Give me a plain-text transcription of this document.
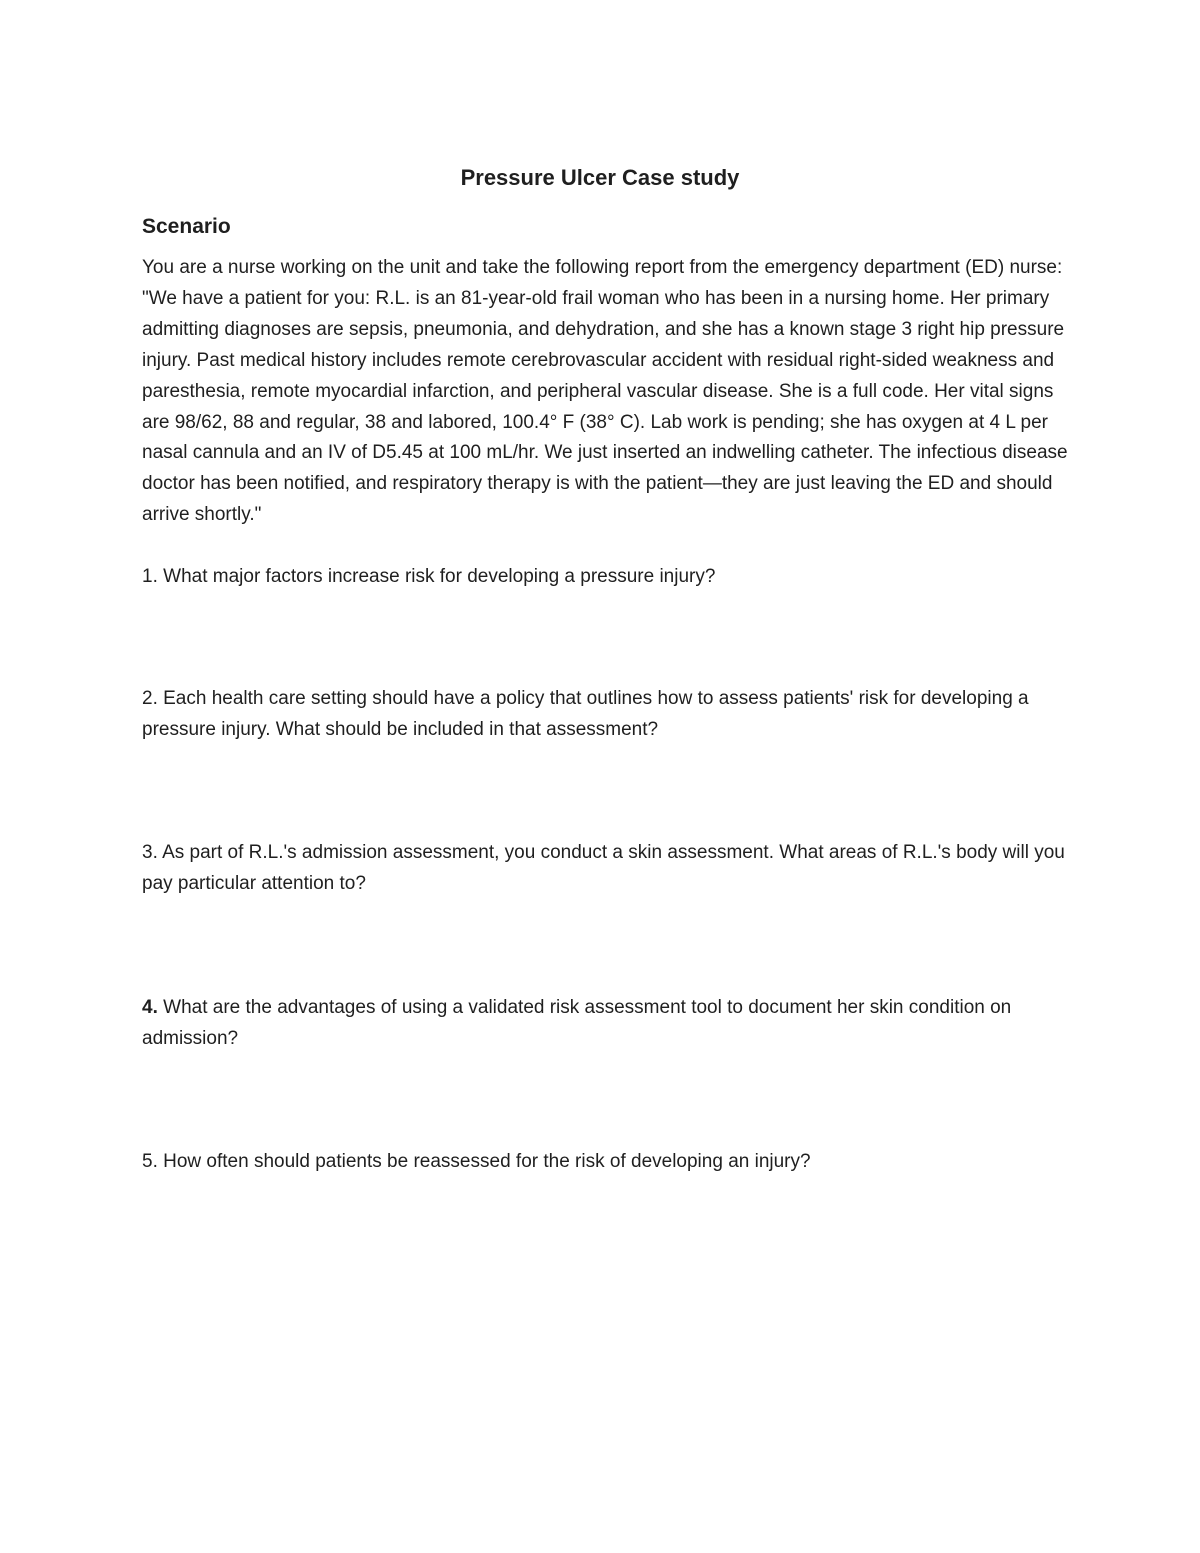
Pressure Ulcer Case study
Scenario

You are a nurse working on the unit and take the following report from the emergency department (ED) nurse: "We have a patient for you: R.L. is an 81-year-old frail woman who has been in a nursing home. Her primary admitting diagnoses are sepsis, pneumonia, and dehydration, and she has a known stage 3 right hip pressure injury. Past medical history includes remote cerebrovascular accident with residual right-sided weakness and paresthesia, remote myocardial infarction, and peripheral vascular disease. She is a full code. Her vital signs are 98/62, 88 and regular, 38 and labored, 100.4° F (38° C). Lab work is pending; she has oxygen at 4 L per nasal cannula and an IV of D5.45 at 100 mL/hr. We just inserted an indwelling catheter. The infectious disease doctor has been notified, and respiratory therapy is with the patient—they are just leaving the ED and should arrive shortly."

1. What major factors increase risk for developing a pressure injury?

2. Each health care setting should have a policy that outlines how to assess patients' risk for developing a pressure injury. What should be included in that assessment?

3. As part of R.L.'s admission assessment, you conduct a skin assessment. What areas of R.L.'s body will you pay particular attention to?

4. What are the advantages of using a validated risk assessment tool to document her skin condition on admission?

5. How often should patients be reassessed for the risk of developing an injury?
